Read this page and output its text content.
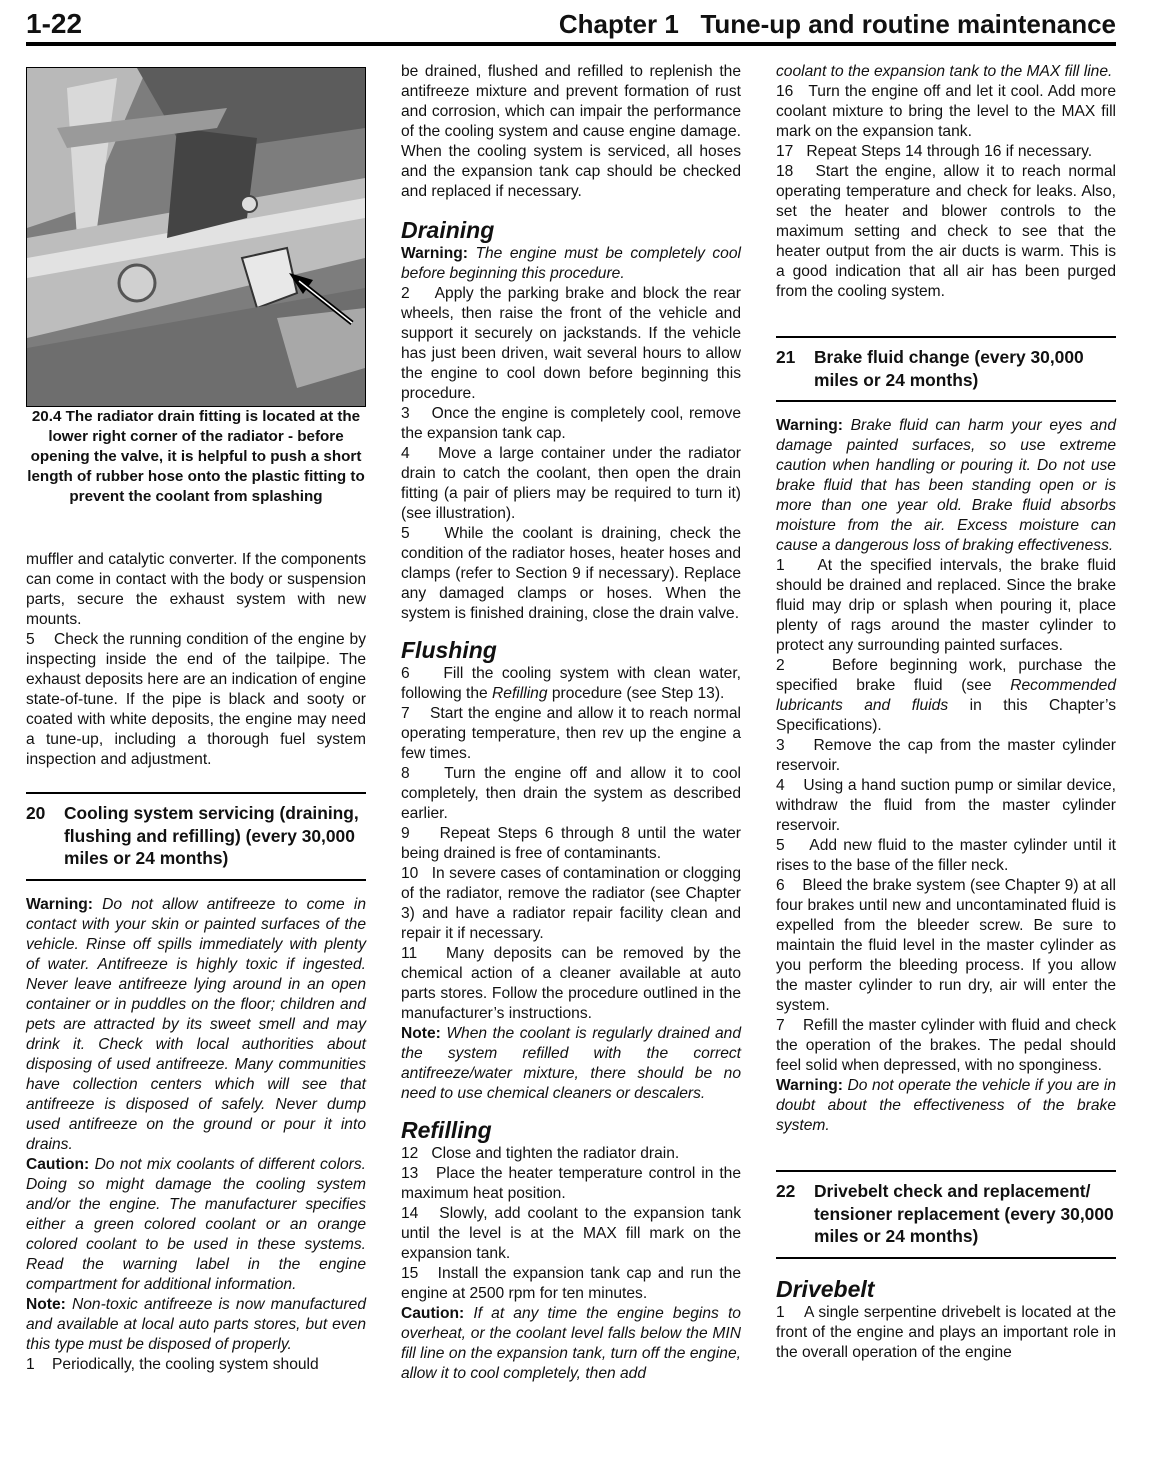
1-22	Chapter 1   Tune-up and routine maintenance

20.4 The radiator drain fitting is located at the lower right corner of the radiator - before opening the valve, it is helpful to push a short length of rubber hose onto the plastic fitting to prevent the coolant from splashing

muffler and catalytic converter. If the components can come in contact with the body or suspension parts, secure the exhaust system with new mounts.

5    Check the running condition of the engine by inspecting inside the end of the tailpipe. The exhaust deposits here are an indication of engine state-of-tune. If the pipe is black and sooty or coated with white deposits, the engine may need a tune-up, including a thorough fuel system inspection and adjustment.

20	Cooling system servicing (draining, flushing and refilling) (every 30,000 miles or 24 months)

Warning: Do not allow antifreeze to come in contact with your skin or painted surfaces of the vehicle. Rinse off spills immediately with plenty of water. Antifreeze is highly toxic if ingested. Never leave antifreeze lying around in an open container or in puddles on the floor; children and pets are attracted by its sweet smell and may drink it. Check with local authorities about disposing of used antifreeze. Many communities have collection centers which will see that antifreeze is disposed of safely. Never dump used antifreeze on the ground or pour it into drains.

Caution: Do not mix coolants of different colors. Doing so might damage the cooling system and/or the engine. The manufacturer specifies either a green colored coolant or an orange colored coolant to be used in these systems. Read the warning label in the engine compartment for additional information.

Note: Non-toxic antifreeze is now manufactured and available at local auto parts stores, but even this type must be disposed of properly.

1    Periodically, the cooling system should

be drained, flushed and refilled to replenish the antifreeze mixture and prevent formation of rust and corrosion, which can impair the performance of the cooling system and cause engine damage. When the cooling system is serviced, all hoses and the expansion tank cap should be checked and replaced if necessary.

Draining

Warning: The engine must be completely cool before beginning this procedure.

2    Apply the parking brake and block the rear wheels, then raise the front of the vehicle and support it securely on jackstands. If the vehicle has just been driven, wait several hours to allow the engine to cool down before beginning this procedure.

3    Once the engine is completely cool, remove the expansion tank cap.

4    Move a large container under the radiator drain to catch the coolant, then open the drain fitting (a pair of pliers may be required to turn it) (see illustration).

5    While the coolant is draining, check the condition of the radiator hoses, heater hoses and clamps (refer to Section 9 if necessary). Replace any damaged clamps or hoses. When the system is finished draining, close the drain valve.

Flushing

6    Fill the cooling system with clean water, following the Refilling procedure (see Step 13).

7    Start the engine and allow it to reach normal operating temperature, then rev up the engine a few times.

8    Turn the engine off and allow it to cool completely, then drain the system as described earlier.

9    Repeat Steps 6 through 8 until the water being drained is free of contaminants.

10   In severe cases of contamination or clogging of the radiator, remove the radiator (see Chapter 3) and have a radiator repair facility clean and repair it if necessary.

11   Many deposits can be removed by the chemical action of a cleaner available at auto parts stores. Follow the procedure outlined in the manufacturer’s instructions.

Note: When the coolant is regularly drained and the system refilled with the correct antifreeze/water mixture, there should be no need to use chemical cleaners or descalers.

Refilling

12   Close and tighten the radiator drain.

13   Place the heater temperature control in the maximum heat position.

14   Slowly, add coolant to the expansion tank until the level is at the MAX fill mark on the expansion tank.

15   Install the expansion tank cap and run the engine at 2500 rpm for ten minutes.

Caution: If at any time the engine begins to overheat, or the coolant level falls below the MIN fill line on the expansion tank, turn off the engine, allow it to cool completely, then add

coolant to the expansion tank to the MAX fill line.

16   Turn the engine off and let it cool. Add more coolant mixture to bring the level to the MAX fill mark on the expansion tank.

17   Repeat Steps 14 through 16 if necessary.

18   Start the engine, allow it to reach normal operating temperature and check for leaks. Also, set the heater and blower controls to the maximum setting and check to see that the heater output from the air ducts is warm. This is a good indication that all air has been purged from the cooling system.

21	Brake fluid change (every 30,000 miles or 24 months)

Warning: Brake fluid can harm your eyes and damage painted surfaces, so use extreme caution when handling or pouring it. Do not use brake fluid that has been standing open or is more than one year old. Brake fluid absorbs moisture from the air. Excess moisture can cause a dangerous loss of braking effectiveness.

1    At the specified intervals, the brake fluid should be drained and replaced. Since the brake fluid may drip or splash when pouring it, place plenty of rags around the master cylinder to protect any surrounding painted surfaces.

2    Before beginning work, purchase the specified brake fluid (see Recommended lubricants and fluids in this Chapter’s Specifications).

3    Remove the cap from the master cylinder reservoir.

4    Using a hand suction pump or similar device, withdraw the fluid from the master cylinder reservoir.

5    Add new fluid to the master cylinder until it rises to the base of the filler neck.

6    Bleed the brake system (see Chapter 9) at all four brakes until new and uncontaminated fluid is expelled from the bleeder screw. Be sure to maintain the fluid level in the master cylinder as you perform the bleeding process. If you allow the master cylinder to run dry, air will enter the system.

7    Refill the master cylinder with fluid and check the operation of the brakes. The pedal should feel solid when depressed, with no sponginess.

Warning: Do not operate the vehicle if you are in doubt about the effectiveness of the brake system.

22	Drivebelt check and replacement/ tensioner replacement (every 30,000 miles or 24 months)
Drivebelt

1    A single serpentine drivebelt is located at the front of the engine and plays an important role in the overall operation of the engine
